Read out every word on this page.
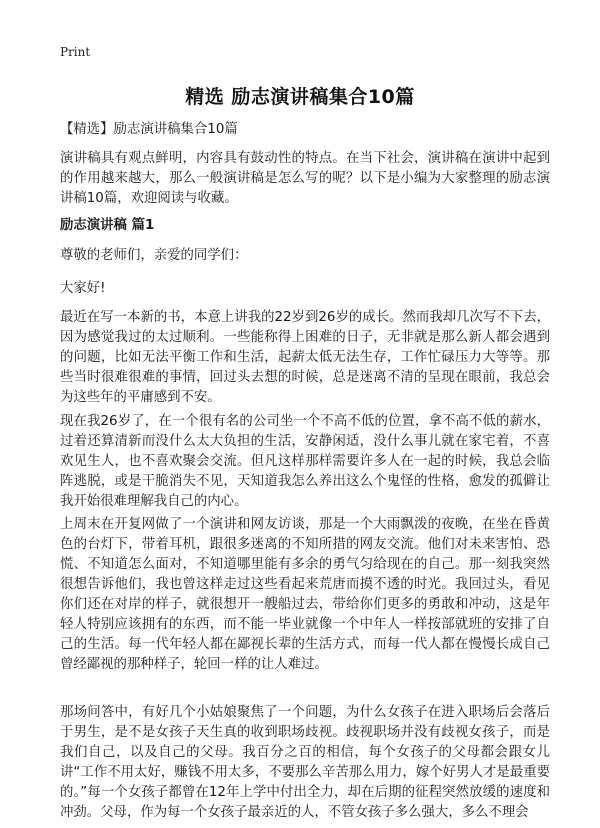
Print
精选 励志演讲稿集合10篇
【精选】励志演讲稿集合10篇
演讲稿具有观点鲜明，内容具有鼓动性的特点。在当下社会，演讲稿在演讲中起到的作用越来越大，那么一般演讲稿是怎么写的呢？以下是小编为大家整理的励志演讲稿10篇，欢迎阅读与收藏。
励志演讲稿 篇1
尊敬的老师们，亲爱的同学们：
大家好!
最近在写一本新的书，本意上讲我的22岁到26岁的成长。然而我却几次写不下去，因为感觉我过的太过顺利。一些能称得上困难的日子，无非就是那么新人都会遇到的问题，比如无法平衡工作和生活，起薪太低无法生存，工作忙碌压力大等等。那些当时很难很难的事情，回过头去想的时候，总是迷离不清的呈现在眼前，我总会为这些年的平庸感到不安。
现在我26岁了，在一个很有名的公司坐一个不高不低的位置，拿不高不低的薪水，过着还算清新而没什么太大负担的生活，安静闲适，没什么事儿就在家宅着，不喜欢见生人，也不喜欢聚会交流。但凡这样那样需要许多人在一起的时候，我总会临阵逃脱，或是干脆消失不见，天知道我怎么养出这么个鬼怪的性格，愈发的孤僻让我开始很难理解我自己的内心。
上周末在开复网做了一个演讲和网友访谈，那是一个大雨飘泼的夜晚，在坐在昏黄色的台灯下，带着耳机，跟很多迷离的不知所措的网友交流。他们对未来害怕、恐慌、不知道怎么面对，不知道哪里能有多余的勇气匀给现在的自己。那一刻我突然很想告诉他们，我也曾这样走过这些看起来荒唐而摸不透的时光。我回过头，看见你们还在对岸的样子，就很想开一艘船过去，带给你们更多的勇敢和冲动，这是年轻人特别应该拥有的东西，而不能一毕业就像一个中年人一样按部就班的安排了自己的生活。每一代年轻人都在鄙视长辈的生活方式，而每一代人都在慢慢长成自己曾经鄙视的那种样子，轮回一样的让人难过。
那场问答中，有好几个小姑娘聚焦了一个问题，为什么女孩子在进入职场后会落后于男生，是不是女孩子天生真的收到职场歧视。歧视职场并没有歧视女孩子，而是我们自己，以及自己的父母。我百分之百的相信，每个女孩子的父母都会跟女儿讲“工作不用太好，赚钱不用太多，不要那么辛苦那么用力，嫁个好男人才是最重要的。”每一个女孩子都曾在12年上学中付出全力，却在后期的征程突然放缓的速度和冲劲。父母，作为每一个女孩子最亲近的人，不管女孩子多么强大，多么不理会
